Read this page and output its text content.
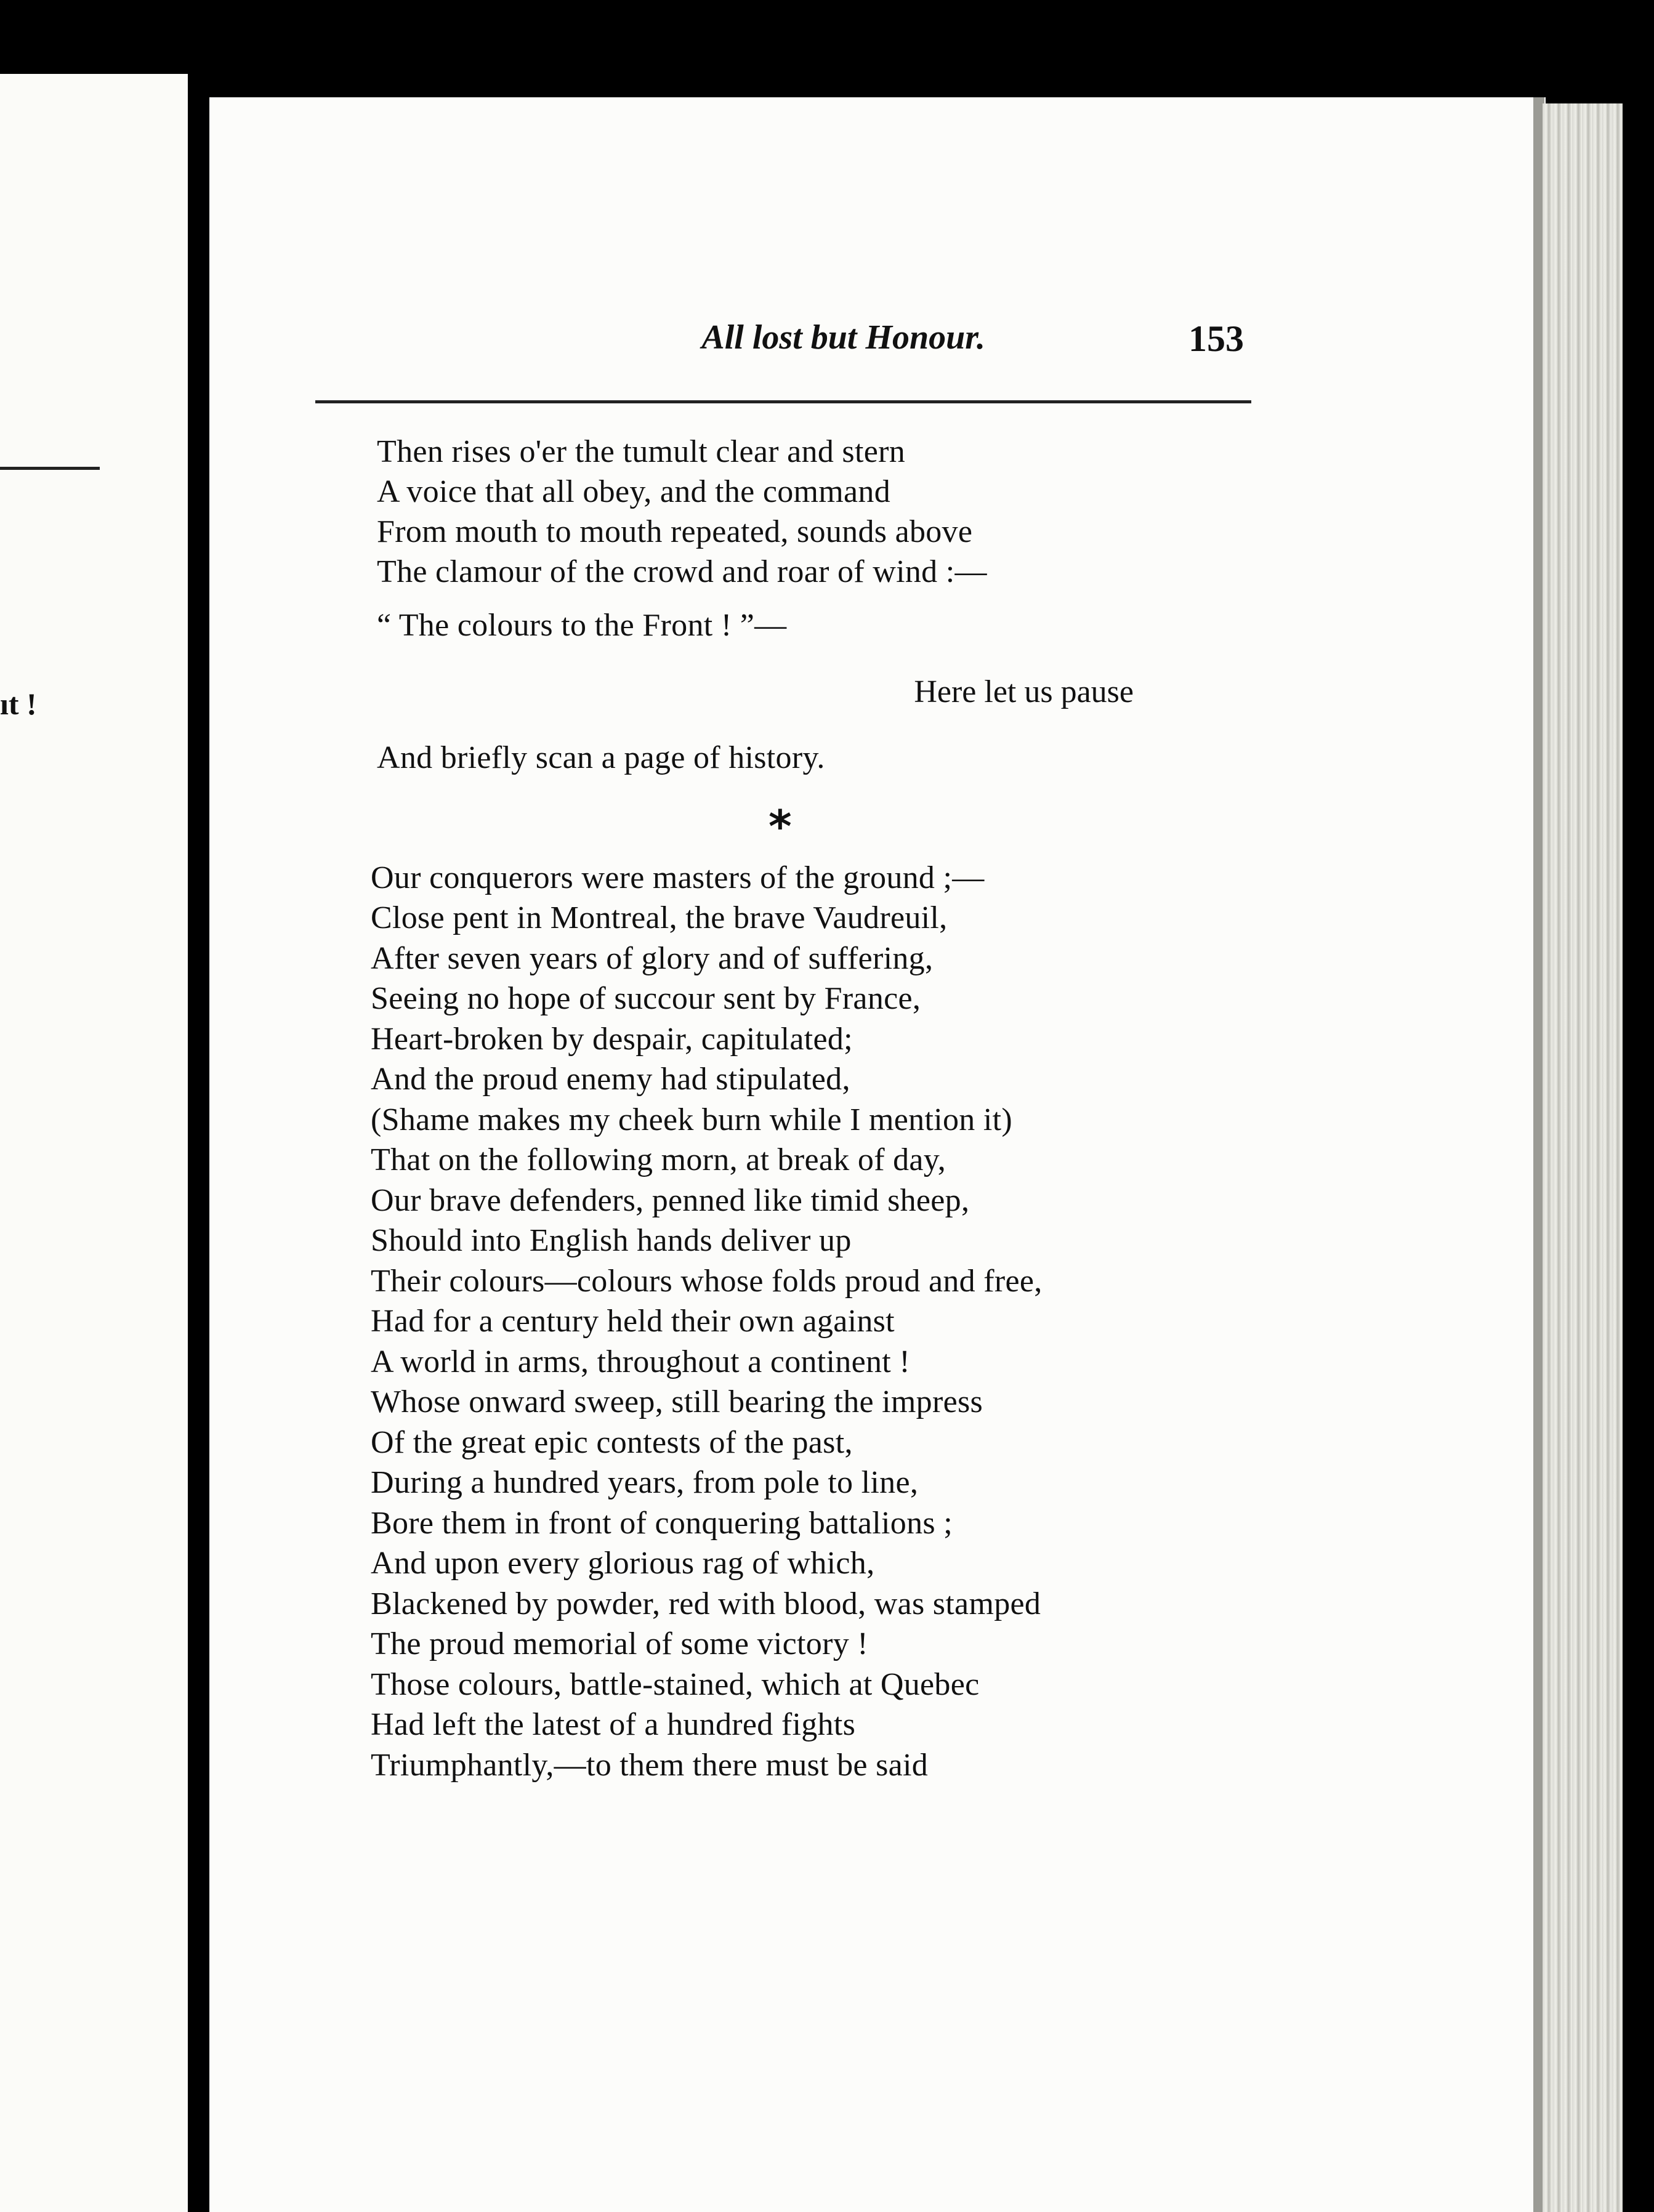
ıt !
All lost but Honour.	153
Then rises o'er the tumult clear and stern
A voice that all obey, and the command
From mouth to mouth repeated, sounds above
The clamour of the crowd and roar of wind :—
“ The colours to the Front ! ”—
Here let us pause
And briefly scan a page of history.
*
Our conquerors were masters of the ground ;—
Close pent in Montreal, the brave Vaudreuil,
After seven years of glory and of suffering,
Seeing no hope of succour sent by France,
Heart-broken by despair, capitulated;
And the proud enemy had stipulated,
(Shame makes my cheek burn while I mention it)
That on the following morn, at break of day,
Our brave defenders, penned like timid sheep,
Should into English hands deliver up
Their colours—colours whose folds proud and free,
Had for a century held their own against
A world in arms, throughout a continent !
Whose onward sweep, still bearing the impress
Of the great epic contests of the past,
During a hundred years, from pole to line,
Bore them in front of conquering battalions ;
And upon every glorious rag of which,
Blackened by powder, red with blood, was stamped
The proud memorial of some victory !
Those colours, battle-stained, which at Quebec
Had left the latest of a hundred fights
Triumphantly,—to them there must be said
